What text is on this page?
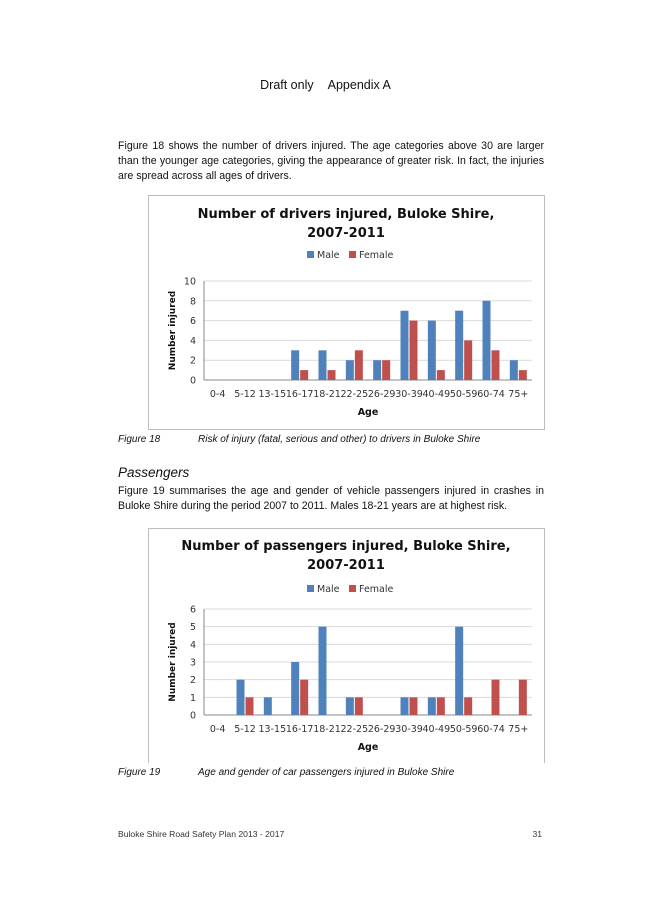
Draft only Appendix A

Figure 18 shows the number of drivers injured. The age categories above 30 are larger than the younger age categories, giving the appearance of greater risk. In fact, the injuries are spread across all ages of drivers.

Number of drivers injured, Buloke Shire,
2007-2011
Male Female
0
2
4
6
8
10
Number injured
0-4 5-12 13-15 16-17 18-21 22-25 26-29 30-39 40-49 50-59 60-74 75+
Age
Figure 18	Risk of injury (fatal, serious and other) to drivers in Buloke Shire
Passengers

Figure 19 summarises the age and gender of vehicle passengers injured in crashes in Buloke Shire during the period 2007 to 2011. Males 18-21 years are at highest risk.

Number of passengers injured, Buloke Shire,
2007-2011
Male Female
0
1
2
3
4
5
6
Number injured
0-4 5-12 13-15 16-17 18-21 22-25 26-29 30-39 40-49 50-59 60-74 75+
Age
Figure 19	Age and gender of car passengers injured in Buloke Shire
Buloke Shire Road Safety Plan 2013 - 2017	31
